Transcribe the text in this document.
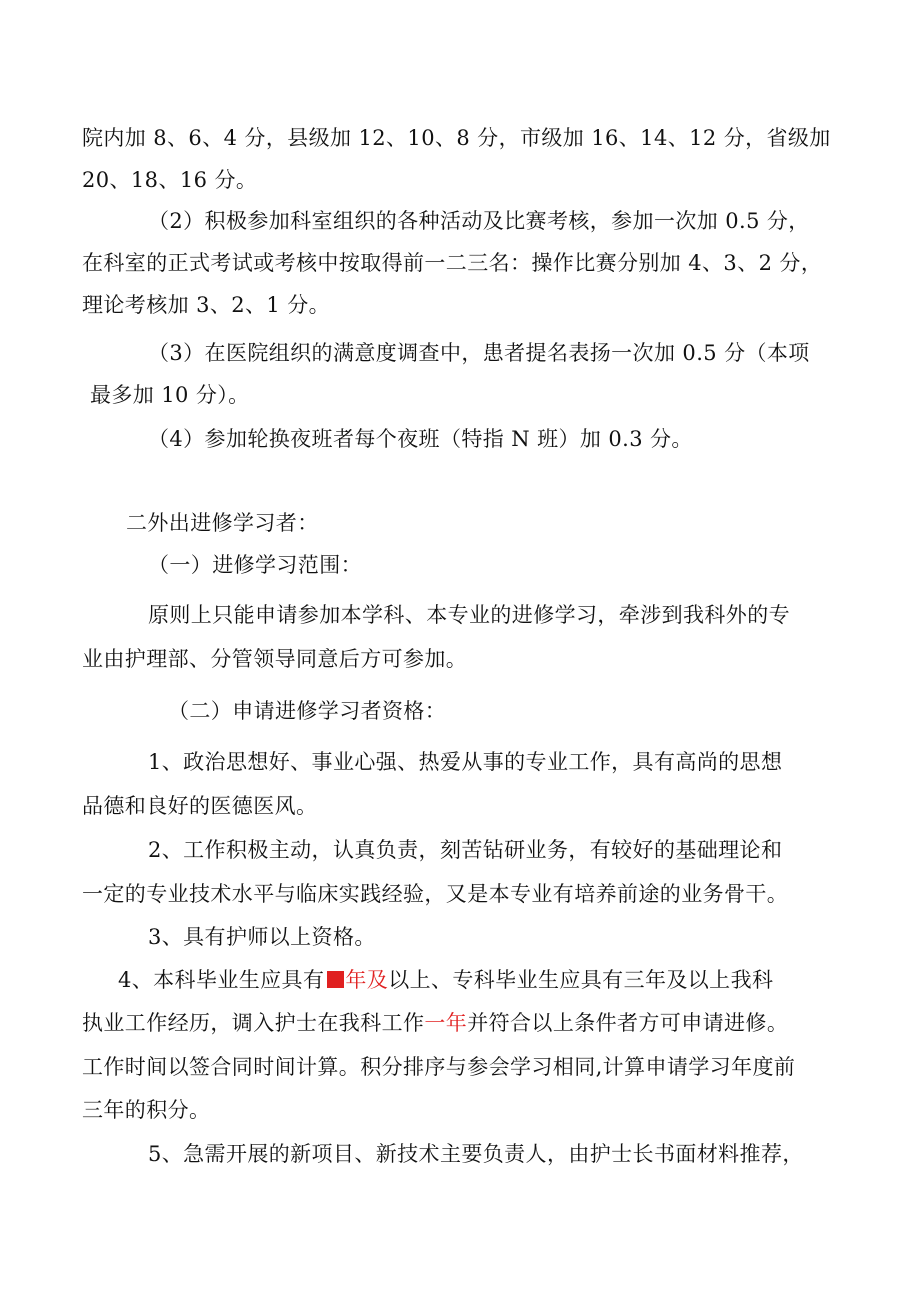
院内加 8、6、4 分，县级加 12、10、8 分，市级加 16、14、12 分，省级加
20、18、16 分。
（2）积极参加科室组织的各种活动及比赛考核，参加一次加 0.5 分，
在科室的正式考试或考核中按取得前一二三名：操作比赛分别加 4、3、2 分，
理论考核加 3、2、1 分。
（3）在医院组织的满意度调查中，患者提名表扬一次加 0.5 分（本项
最多加 10 分）。
（4）参加轮换夜班者每个夜班（特指 N 班）加 0.3 分。
二外出进修学习者：
（一）进修学习范围：
原则上只能申请参加本学科、本专业的进修学习，牵涉到我科外的专
业由护理部、分管领导同意后方可参加。
（二）申请进修学习者资格：
1、政治思想好、事业心强、热爱从事的专业工作，具有高尚的思想
品德和良好的医德医风。
2、工作积极主动，认真负责，刻苦钻研业务，有较好的基础理论和
一定的专业技术水平与临床实践经验，又是本专业有培养前途的业务骨干。
3、具有护师以上资格。
4、本科毕业生应具有 年及以上、专科毕业生应具有三年及以上我科
执业工作经历，调入护士在我科工作一年并符合以上条件者方可申请进修。
工作时间以签合同时间计算。积分排序与参会学习相同,计算申请学习年度前
三年的积分。
5、急需开展的新项目、新技术主要负责人，由护士长书面材料推荐，
